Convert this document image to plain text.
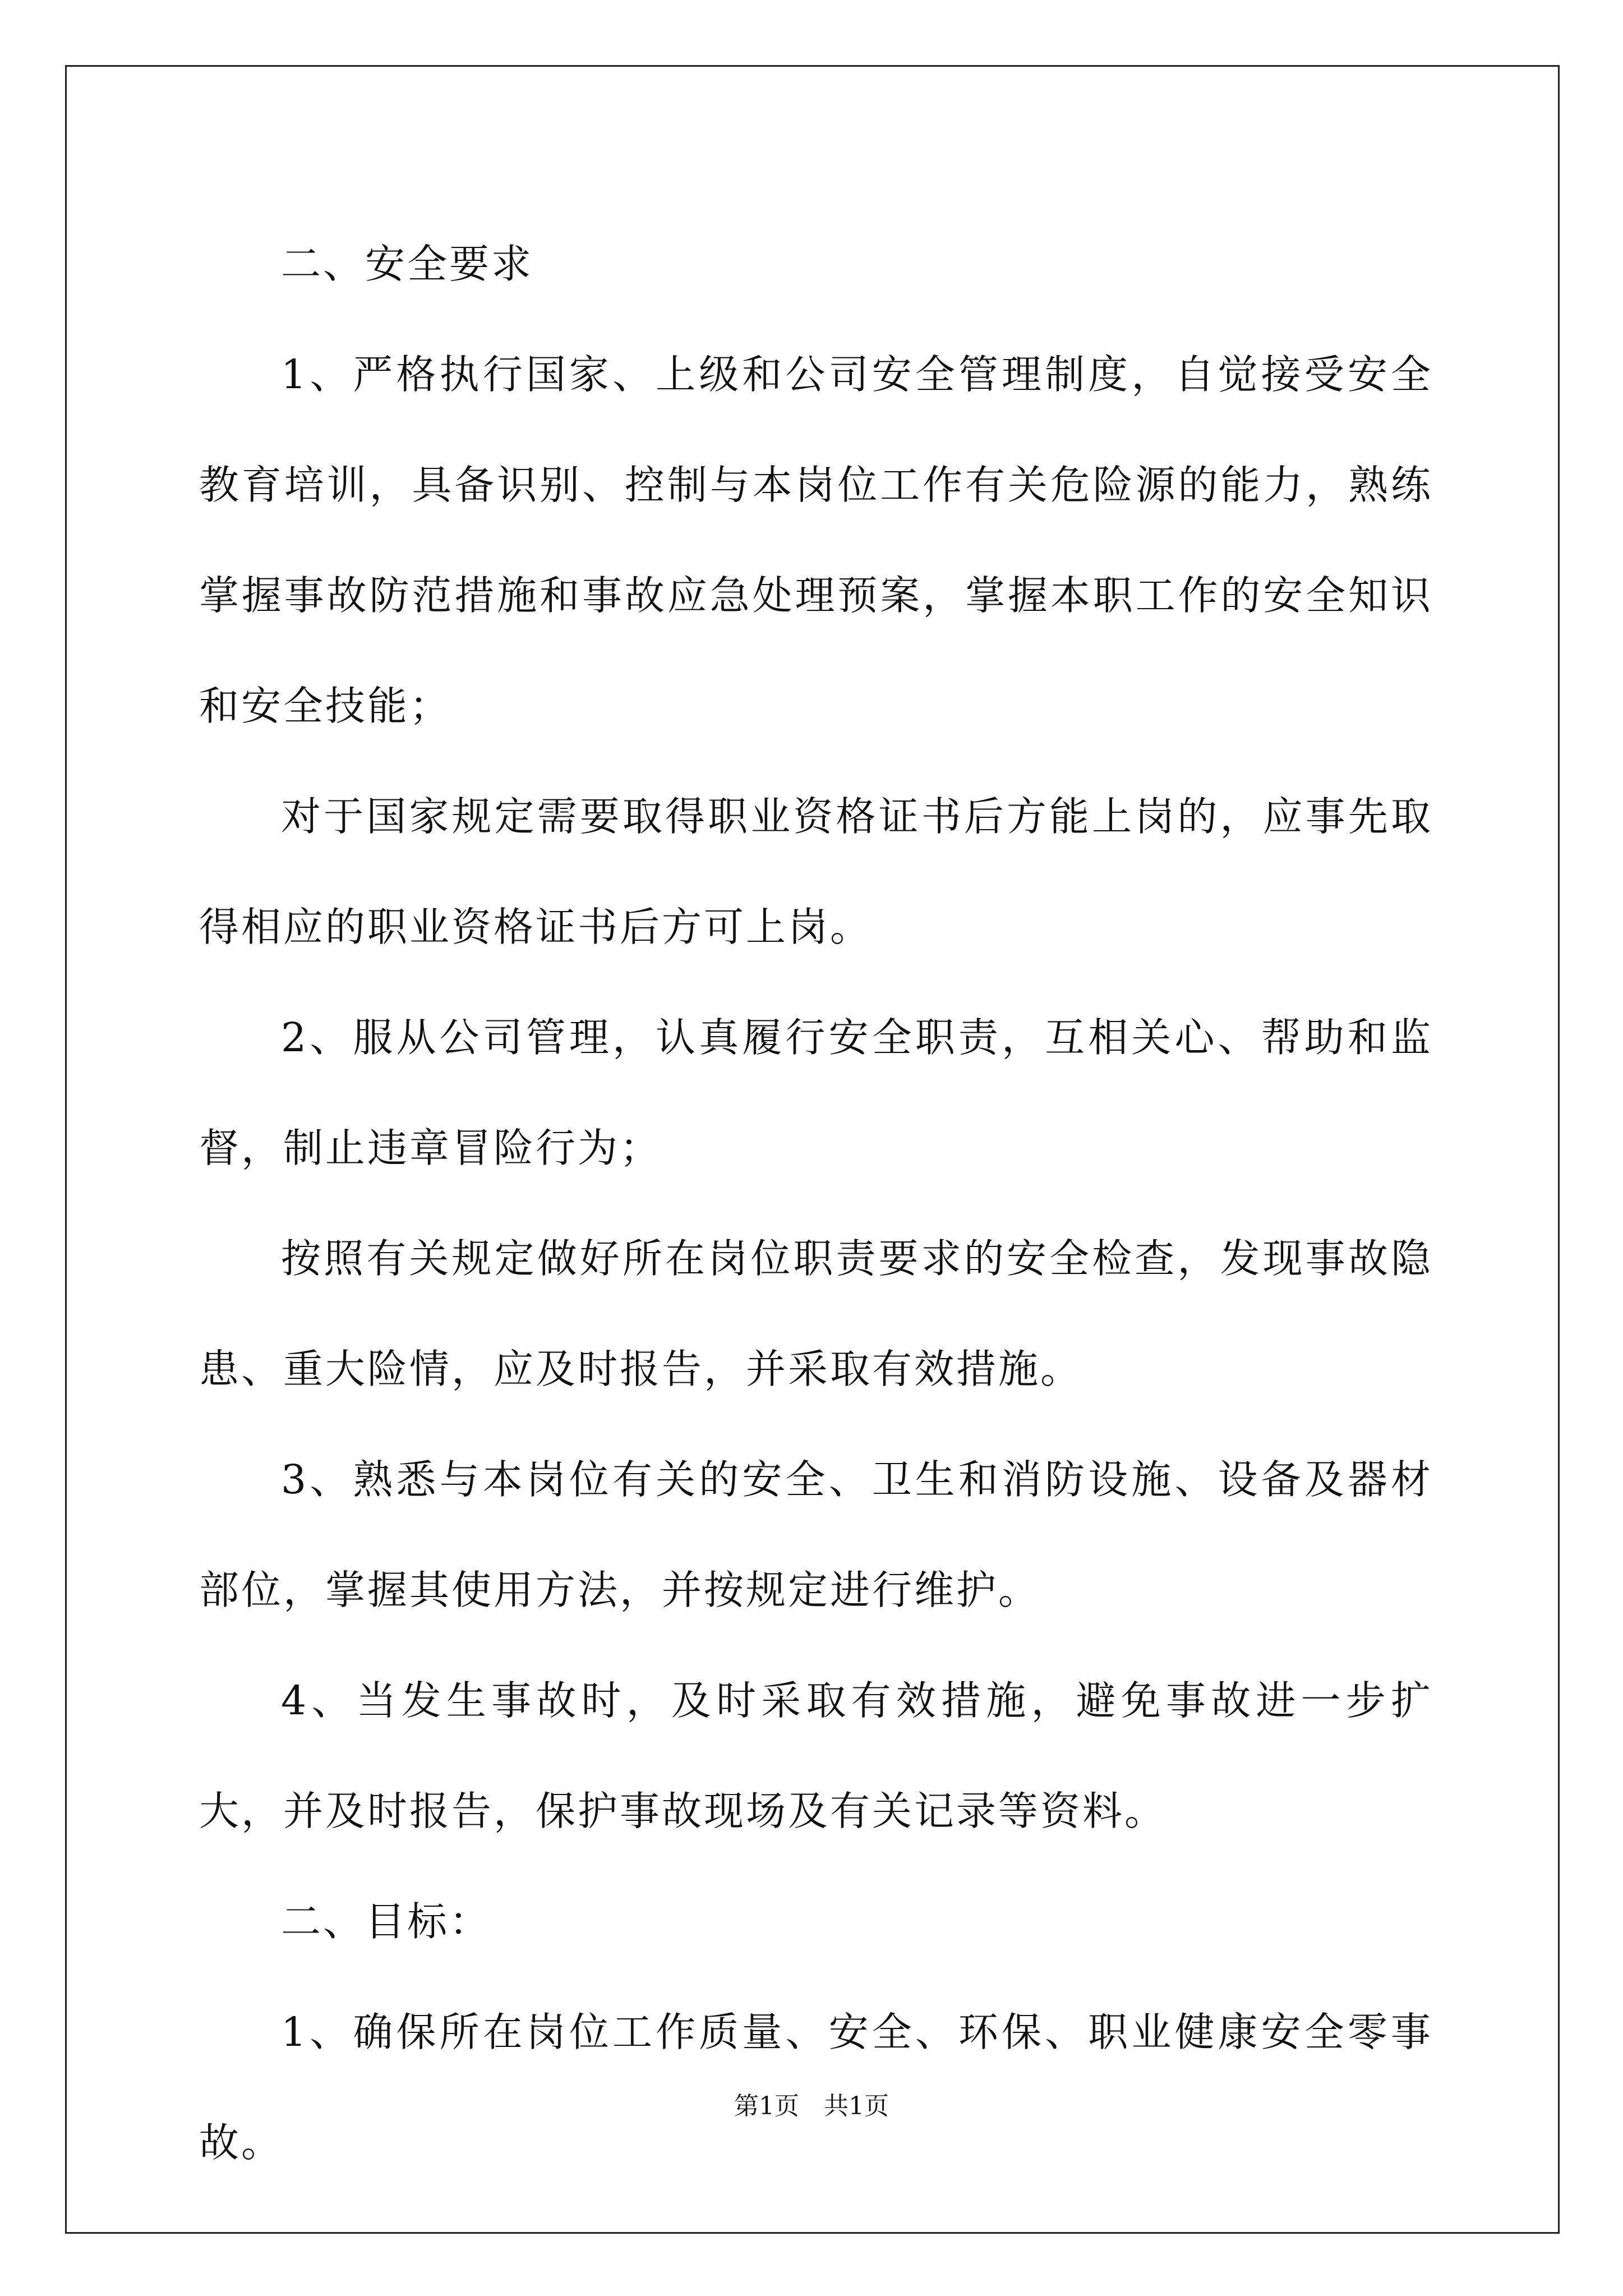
二、安全要求

1、严格执行国家、上级和公司安全管理制度，自觉接受安全教育培训，具备识别、控制与本岗位工作有关危险源的能力，熟练掌握事故防范措施和事故应急处理预案，掌握本职工作的安全知识和安全技能；

对于国家规定需要取得职业资格证书后方能上岗的，应事先取得相应的职业资格证书后方可上岗。

2、服从公司管理，认真履行安全职责，互相关心、帮助和监督，制止违章冒险行为；

按照有关规定做好所在岗位职责要求的安全检查，发现事故隐患、重大险情，应及时报告，并采取有效措施。

3、熟悉与本岗位有关的安全、卫生和消防设施、设备及器材部位，掌握其使用方法，并按规定进行维护。

4、当发生事故时，及时采取有效措施，避免事故进一步扩大，并及时报告，保护事故现场及有关记录等资料。

二、目标：

1、确保所在岗位工作质量、安全、环保、职业健康安全零事故。

第1页　共1页
